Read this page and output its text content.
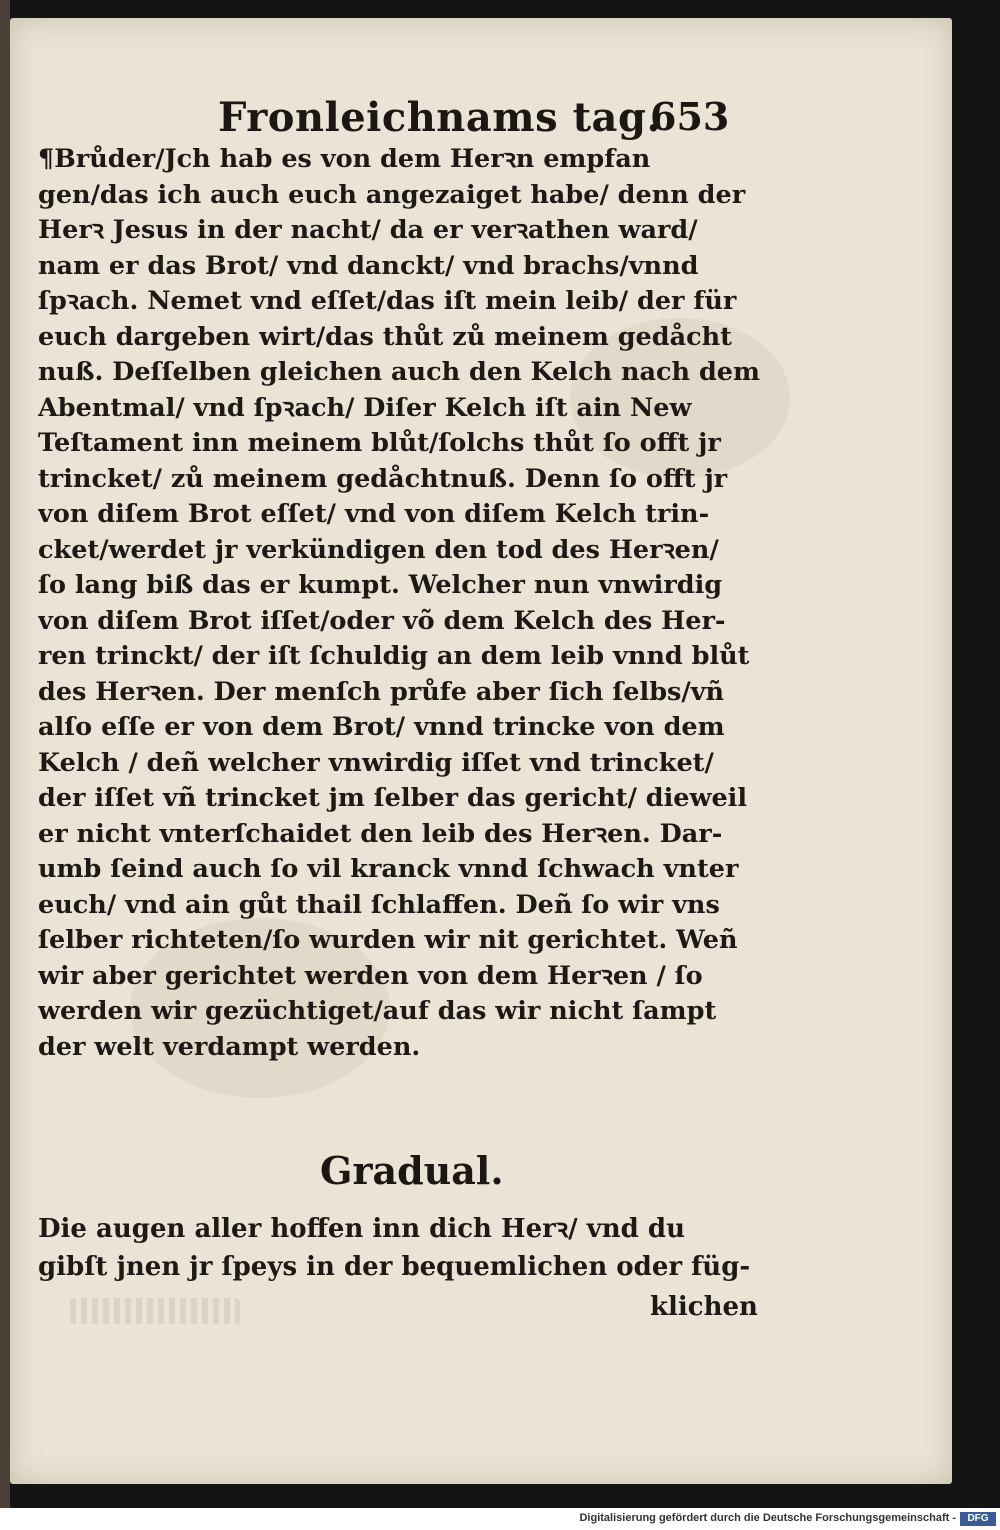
Fronleichnams tag.
653
¶Brůder/Jch hab es von dem Herꝛn empfan
gen/das ich auch euch angezaiget habe/ denn der
Herꝛ Jesus in der nacht/ da er verꝛathen ward/
nam er das Brot/ vnd danckt/ vnd brachs/vnnd
ſpꝛach. Nemet vnd eſſet/das iſt mein leib/ der für
euch dargeben wirt/das thůt zů meinem gedåcht
nuß. Deſſelben gleichen auch den Kelch nach dem
Abentmal/ vnd ſpꝛach/ Diſer Kelch iſt ain New
Teſtament inn meinem blůt/ſolchs thůt ſo offt jr
trincket/ zů meinem gedåchtnuß. Denn ſo offt jr
von diſem Brot eſſet/ vnd von diſem Kelch trin-
cket/werdet jr verkündigen den tod des Herꝛen/
ſo lang biß das er kumpt. Welcher nun vnwirdig
von diſem Brot iſſet/oder võ dem Kelch des Her-
ren trinckt/ der iſt ſchuldig an dem leib vnnd blůt
des Herꝛen. Der menſch průfe aber ſich ſelbs/vñ
alſo eſſe er von dem Brot/ vnnd trincke von dem
Kelch / deñ welcher vnwirdig iſſet vnd trincket/
der iſſet vñ trincket jm ſelber das gericht/ dieweil
er nicht vnterſchaidet den leib des Herꝛen. Dar-
umb ſeind auch ſo vil kranck vnnd ſchwach vnter
euch/ vnd ain gůt thail ſchlaffen. Deñ ſo wir vns
ſelber richteten/ſo wurden wir nit gerichtet. Weñ
wir aber gerichtet werden von dem Herꝛen / ſo
werden wir gezüchtiget/auf das wir nicht ſampt
der welt verdampt werden.
Gradual.
Die augen aller hoffen inn dich Herꝛ/ vnd du
gibſt jnen jr ſpeys in der bequemlichen oder füg-
klichen
Digitalisierung gefördert durch die Deutsche Forschungsgemeinschaft -	DFG
